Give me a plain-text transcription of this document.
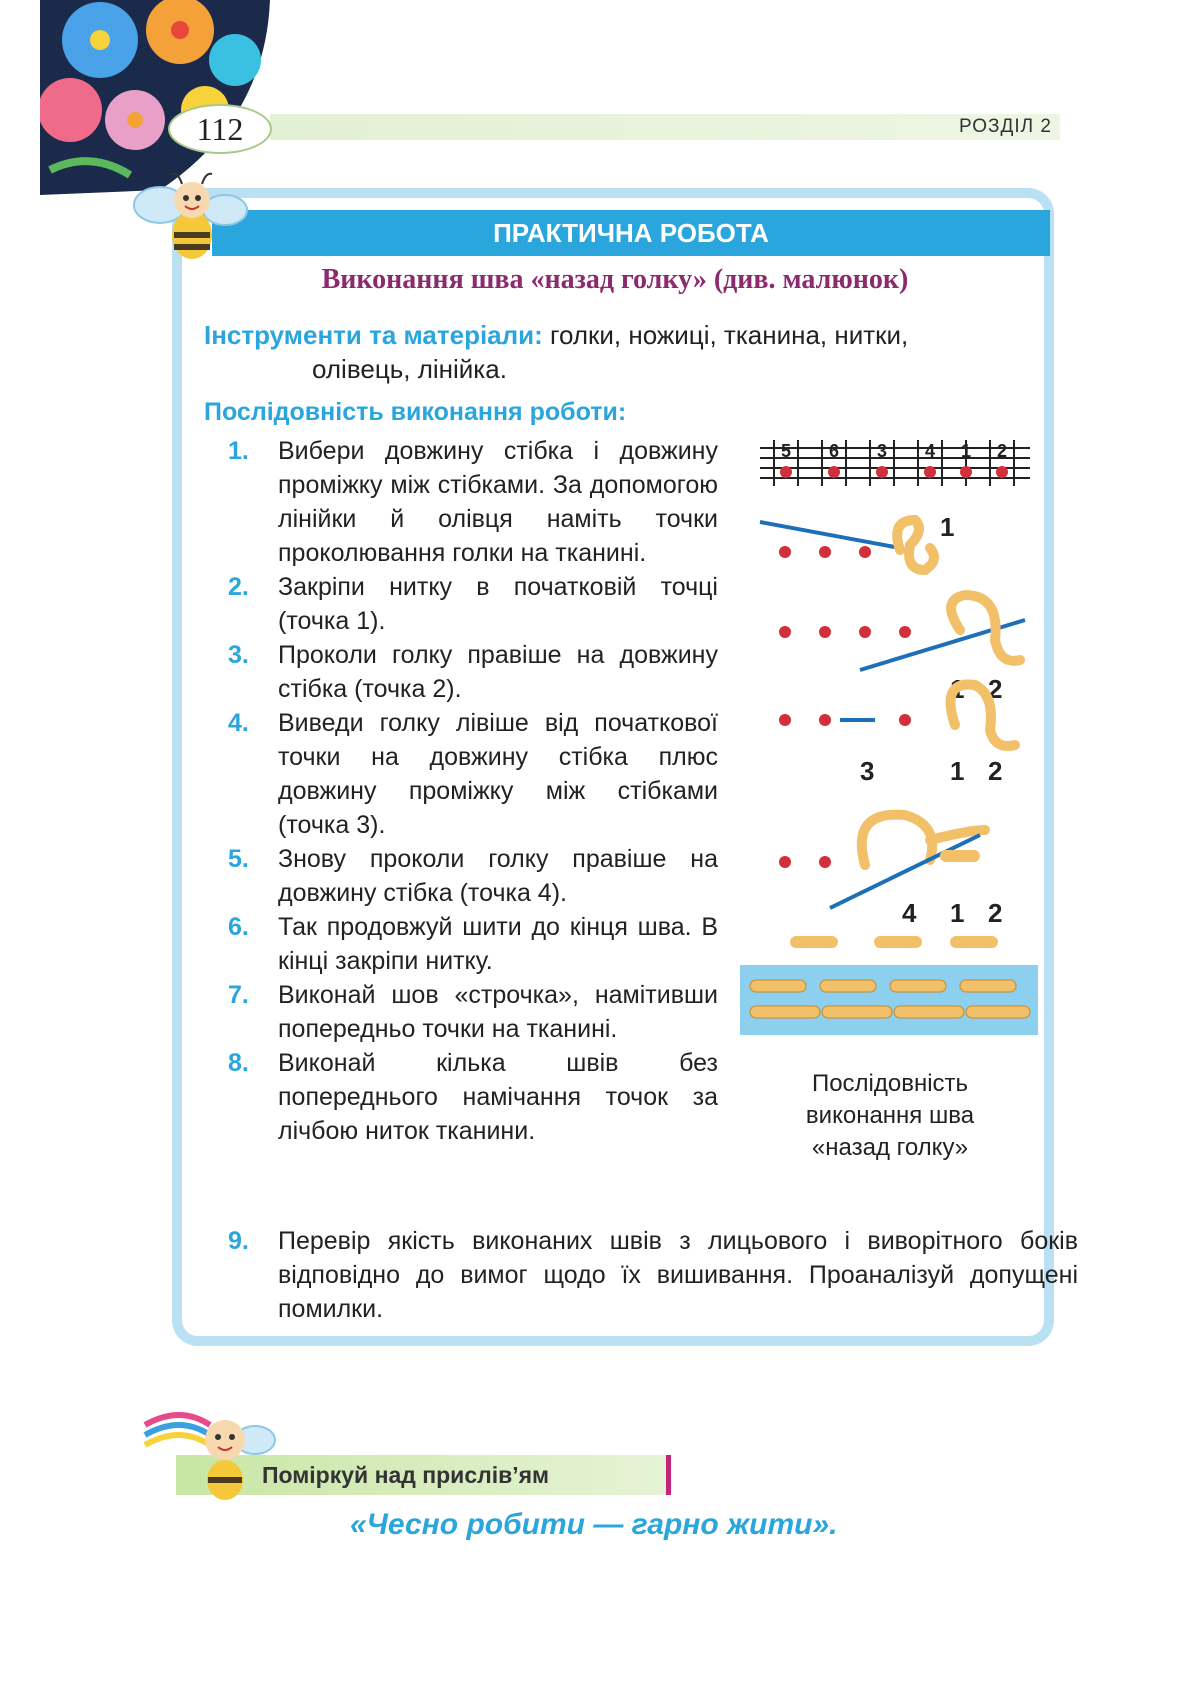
112	РОЗДІЛ 2
ПРАКТИЧНА РОБОТА
Виконання шва «назад голку» (див. малюнок)
Інструменти та матеріали: голки, ножиці, тканина, нитки,
олівець, лінійка.
Послідовність виконання роботи:
1. Вибери довжину стібка і довжину проміжку між стібками. За допомогою лінійки й олівця наміть точки проколювання голки на тканині.
2. Закріпи нитку в початковій точці (точка 1).
3. Проколи голку правіше на довжину стібка (точка 2).
4. Виведи голку лівіше від початкової точки на довжину стібка плюс довжину проміжку між стібками (точка 3).
5. Знову проколи голку правіше на довжину стібка (точка 4).
6. Так продовжуй шити до кінця шва. В кінці закріпи нитку.
7. Виконай шов «строчка», намітивши попередньо точки на тканині.
8. Виконай кілька швів без попереднього намічання точок за лічбою ниток тканини.
9. Перевір якість виконаних швів з лицьового і виворітного боків відповідно до вимог щодо їх вишивання. Проаналізуй допущені помилки.
5 6 3 4 1 2
1
1 2
3	1 2
4 1 2
Послідовність виконання шва «назад голку»
Поміркуй над прислів’ям
«Чесно робити — гарно жити».
